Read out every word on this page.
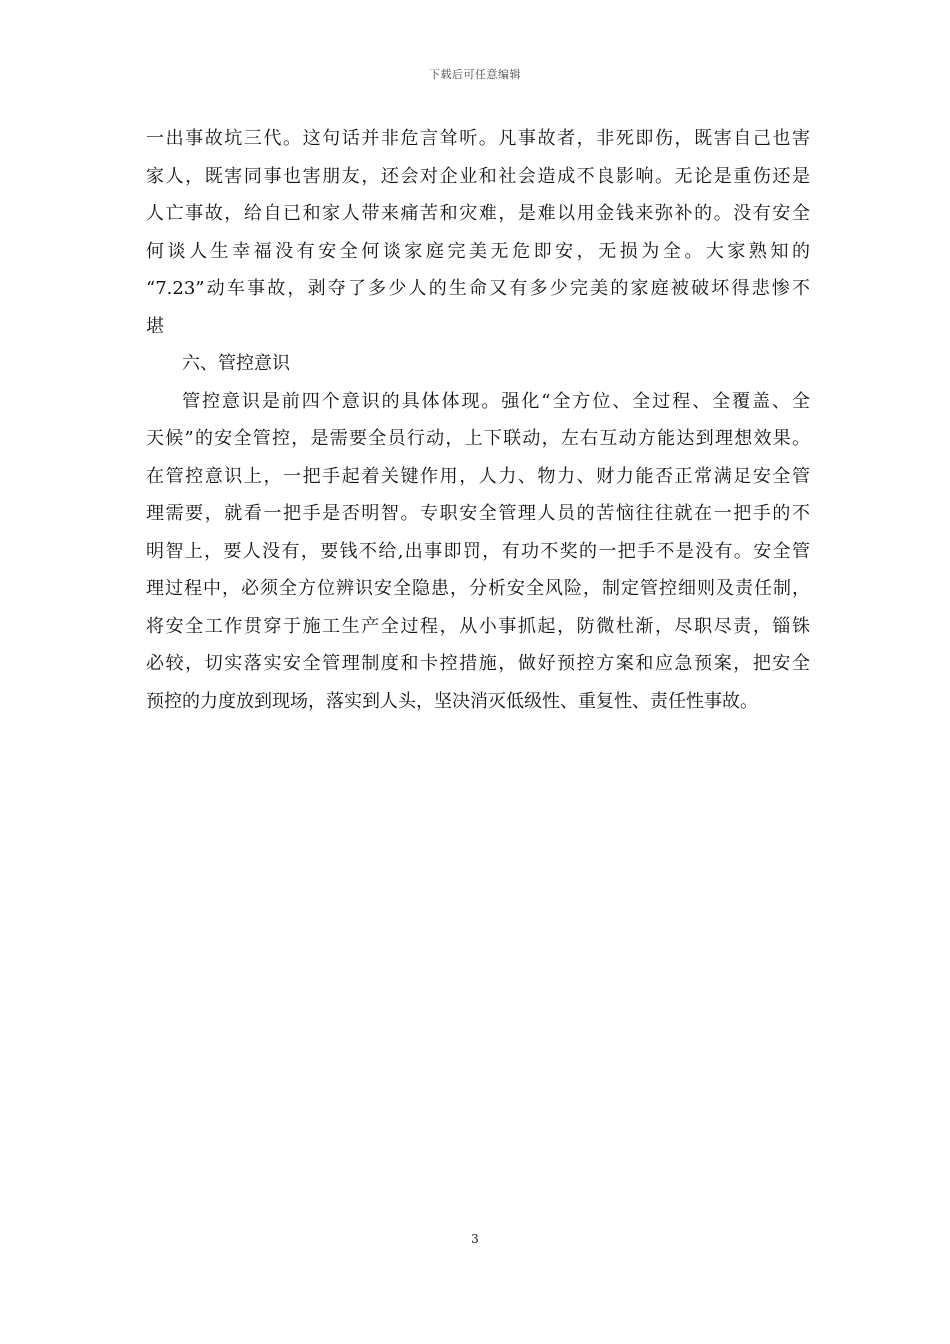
下载后可任意编辑
一出事故坑三代。这句话并非危言耸听。凡事故者，非死即伤，既害自己也害
家人，既害同事也害朋友，还会对企业和社会造成不良影响。无论是重伤还是
人亡事故，给自已和家人带来痛苦和灾难，是难以用金钱来弥补的。没有安全
何谈人生幸福没有安全何谈家庭完美无危即安，无损为全。大家熟知的
“7.23”动车事故，剥夺了多少人的生命又有多少完美的家庭被破坏得悲惨不
堪
六、管控意识
管控意识是前四个意识的具体体现。强化“全方位、全过程、全覆盖、全
天候”的安全管控，是需要全员行动，上下联动，左右互动方能达到理想效果。
在管控意识上，一把手起着关键作用，人力、物力、财力能否正常满足安全管
理需要，就看一把手是否明智。专职安全管理人员的苦恼往往就在一把手的不
明智上，要人没有，要钱不给,出事即罚，有功不奖的一把手不是没有。安全管
理过程中，必须全方位辨识安全隐患，分析安全风险，制定管控细则及责任制，
将安全工作贯穿于施工生产全过程，从小事抓起，防微杜渐，尽职尽责，锱铢
必较，切实落实安全管理制度和卡控措施，做好预控方案和应急预案，把安全
预控的力度放到现场，落实到人头，坚决消灭低级性、重复性、责任性事故。
3
